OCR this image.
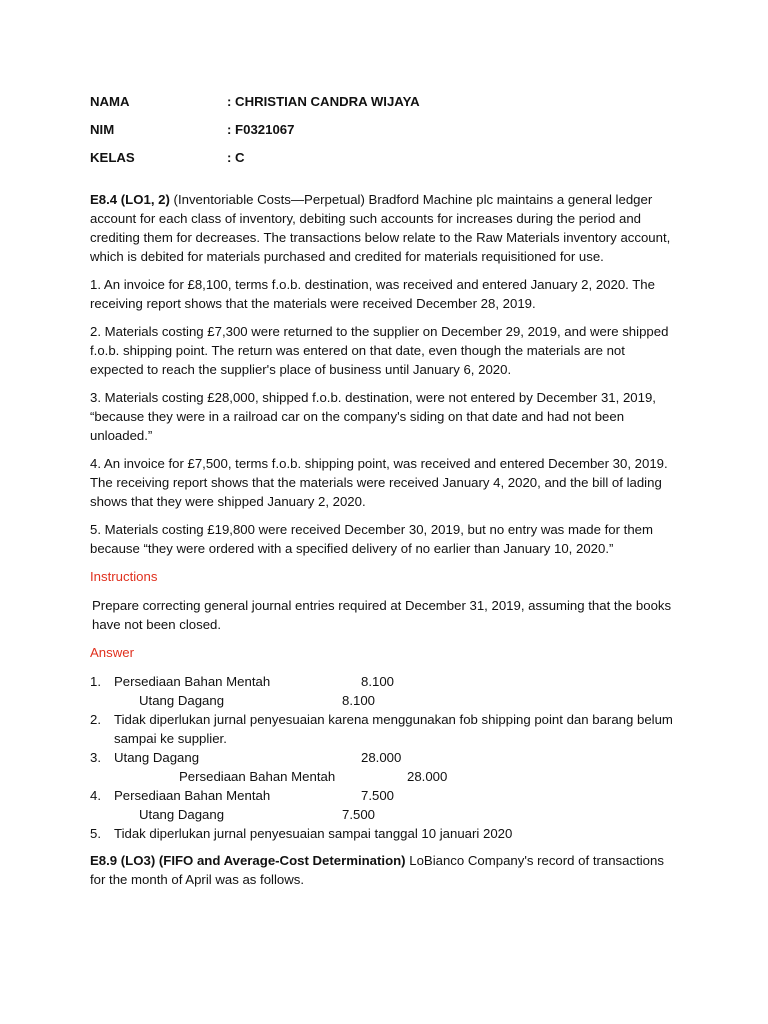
NAMA	: CHRISTIAN CANDRA WIJAYA
NIM	: F0321067
KELAS	: C

E8.4 (LO1, 2) (Inventoriable Costs—Perpetual) Bradford Machine plc maintains a general ledger account for each class of inventory, debiting such accounts for increases during the period and crediting them for decreases. The transactions below relate to the Raw Materials inventory account, which is debited for materials purchased and credited for materials requisitioned for use.

1. An invoice for £8,100, terms f.o.b. destination, was received and entered January 2, 2020. The receiving report shows that the materials were received December 28, 2019.

2. Materials costing £7,300 were returned to the supplier on December 29, 2019, and were shipped f.o.b. shipping point. The return was entered on that date, even though the materials are not expected to reach the supplier's place of business until January 6, 2020.

3. Materials costing £28,000, shipped f.o.b. destination, were not entered by December 31, 2019, “because they were in a railroad car on the company's siding on that date and had not been unloaded.”

4. An invoice for £7,500, terms f.o.b. shipping point, was received and entered December 30, 2019. The receiving report shows that the materials were received January 4, 2020, and the bill of lading shows that they were shipped January 2, 2020.

5. Materials costing £19,800 were received December 30, 2019, but no entry was made for them because “they were ordered with a specified delivery of no earlier than January 10, 2020.”

Instructions

Prepare correcting general journal entries required at December 31, 2019, assuming that the books have not been closed.

Answer

1. Persediaan Bahan Mentah	8.100
Utang Dagang	8.100
2. Tidak diperlukan jurnal penyesuaian karena menggunakan fob shipping point dan barang belum sampai ke supplier.
3. Utang Dagang	28.000
Persediaan Bahan Mentah	28.000
4. Persediaan Bahan Mentah	7.500
Utang Dagang	7.500
5. Tidak diperlukan jurnal penyesuaian sampai tanggal 10 januari 2020

E8.9 (LO3) (FIFO and Average-Cost Determination) LoBianco Company's record of transactions for the month of April was as follows.
